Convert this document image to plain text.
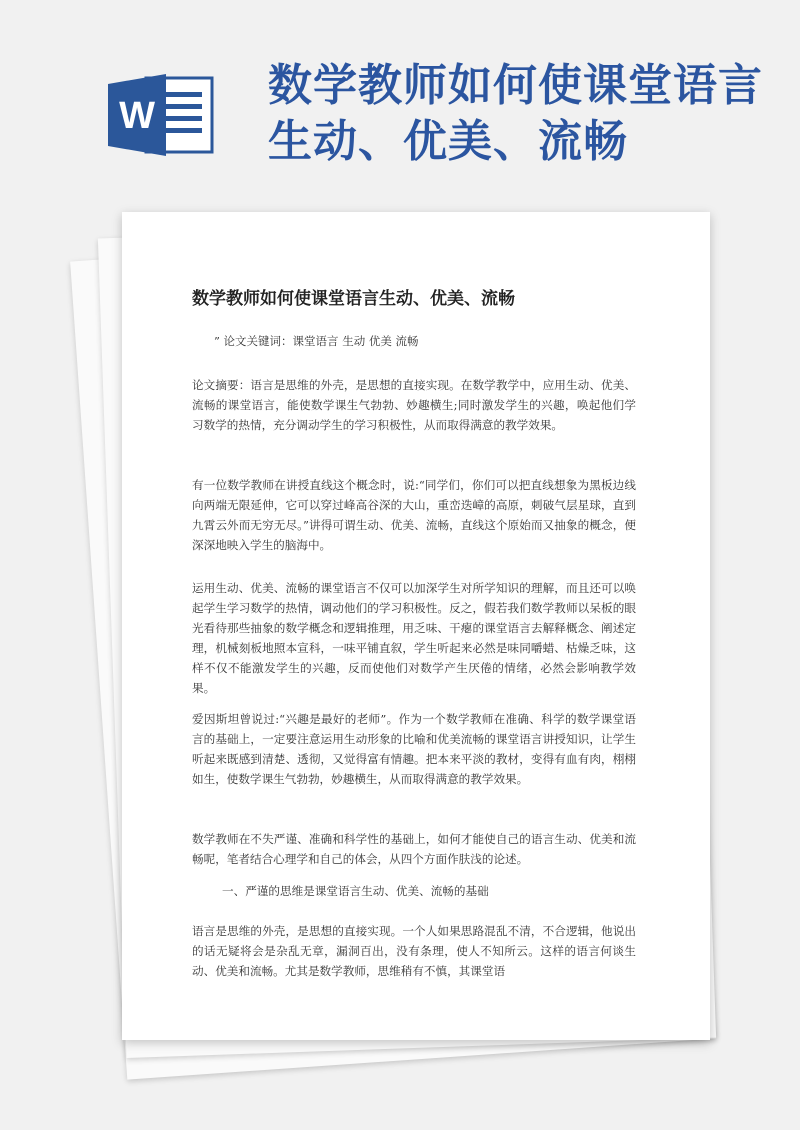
W
数学教师如何使课堂语言生动、优美、流畅
数学教师如何使课堂语言生动、优美、流畅
” 论文关键词：课堂语言 生动 优美 流畅
论文摘要：语言是思维的外壳，是思想的直接实现。在数学教学中，应用生动、优美、流畅的课堂语言，能使数学课生气勃勃、妙趣横生;同时激发学生的兴趣，唤起他们学习数学的热情，充分调动学生的学习积极性，从而取得满意的教学效果。
有一位数学教师在讲授直线这个概念时，说:“同学们，你们可以把直线想象为黑板边线向两端无限延伸，它可以穿过峰高谷深的大山，重峦迭嶂的高原，刺破气层星球，直到九霄云外而无穷无尽。”讲得可谓生动、优美、流畅，直线这个原始而又抽象的概念，便深深地映入学生的脑海中。
运用生动、优美、流畅的课堂语言不仅可以加深学生对所学知识的理解，而且还可以唤起学生学习数学的热情，调动他们的学习积极性。反之，假若我们数学教师以呆板的眼光看待那些抽象的数学概念和逻辑推理，用乏味、干瘪的课堂语言去解释概念、阐述定理，机械刻板地照本宣科，一味平铺直叙，学生听起来必然是味同嚼蜡、枯燥乏味，这样不仅不能激发学生的兴趣，反而使他们对数学产生厌倦的情绪，必然会影响教学效果。
爱因斯坦曾说过:“兴趣是最好的老师”。作为一个数学教师在准确、科学的数学课堂语言的基础上，一定要注意运用生动形象的比喻和优美流畅的课堂语言讲授知识，让学生听起来既感到清楚、透彻，又觉得富有情趣。把本来平淡的教材，变得有血有肉，栩栩如生，使数学课生气勃勃，妙趣横生，从而取得满意的教学效果。
数学教师在不失严谨、准确和科学性的基础上，如何才能使自己的语言生动、优美和流畅呢，笔者结合心理学和自己的体会，从四个方面作肤浅的论述。
一、严谨的思维是课堂语言生动、优美、流畅的基础
语言是思维的外壳，是思想的直接实现。一个人如果思路混乱不清，不合逻辑，他说出的话无疑将会是杂乱无章，漏洞百出，没有条理，使人不知所云。这样的语言何谈生动、优美和流畅。尤其是数学教师，思维稍有不慎，其课堂语
